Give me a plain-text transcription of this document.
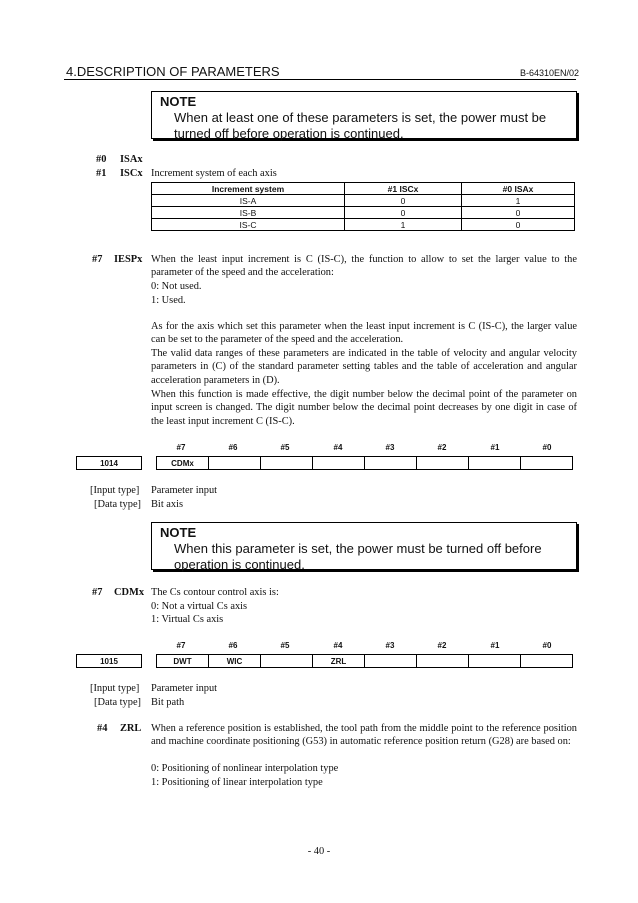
4.DESCRIPTION OF PARAMETERS	B-64310EN/02
NOTE
When at least one of these parameters is set, the power must be
turned off before operation is continued.
#0 ISAx
#1 ISCx Increment system of each axis
Increment system	#1 ISCx	#0 ISAx
IS-A	0	1
IS-B	0	0
IS-C	1	0
#7 IESPx When the least input increment is C (IS-C), the function to allow to set the larger value to the parameter of the speed and the acceleration:
0: Not used.
1: Used.
As for the axis which set this parameter when the least input increment is C (IS-C), the larger value can be set to the parameter of the speed and the acceleration.
The valid data ranges of these parameters are indicated in the table of velocity and angular velocity parameters in (C) of the standard parameter setting tables and the table of acceleration and angular acceleration parameters in (D).
When this function is made effective, the digit number below the decimal point of the parameter on input screen is changed. The digit number below the decimal point decreases by one digit in case of the least input increment C (IS-C).
#7	#6	#5	#4	#3	#2	#1	#0
1014		CDMx							
[Input type] Parameter input
[Data type] Bit axis
NOTE
When this parameter is set, the power must be turned off before
operation is continued.
#7 CDMx The Cs contour control axis is:
0: Not a virtual Cs axis
1: Virtual Cs axis
#7	#6	#5	#4	#3	#2	#1	#0
1015		DWT	WIC		ZRL				
[Input type] Parameter input
[Data type] Bit path
#4 ZRL When a reference position is established, the tool path from the middle point to the reference position and machine coordinate positioning (G53) in automatic reference position return (G28) are based on:
0: Positioning of nonlinear interpolation type
1: Positioning of linear interpolation type
- 40 -
